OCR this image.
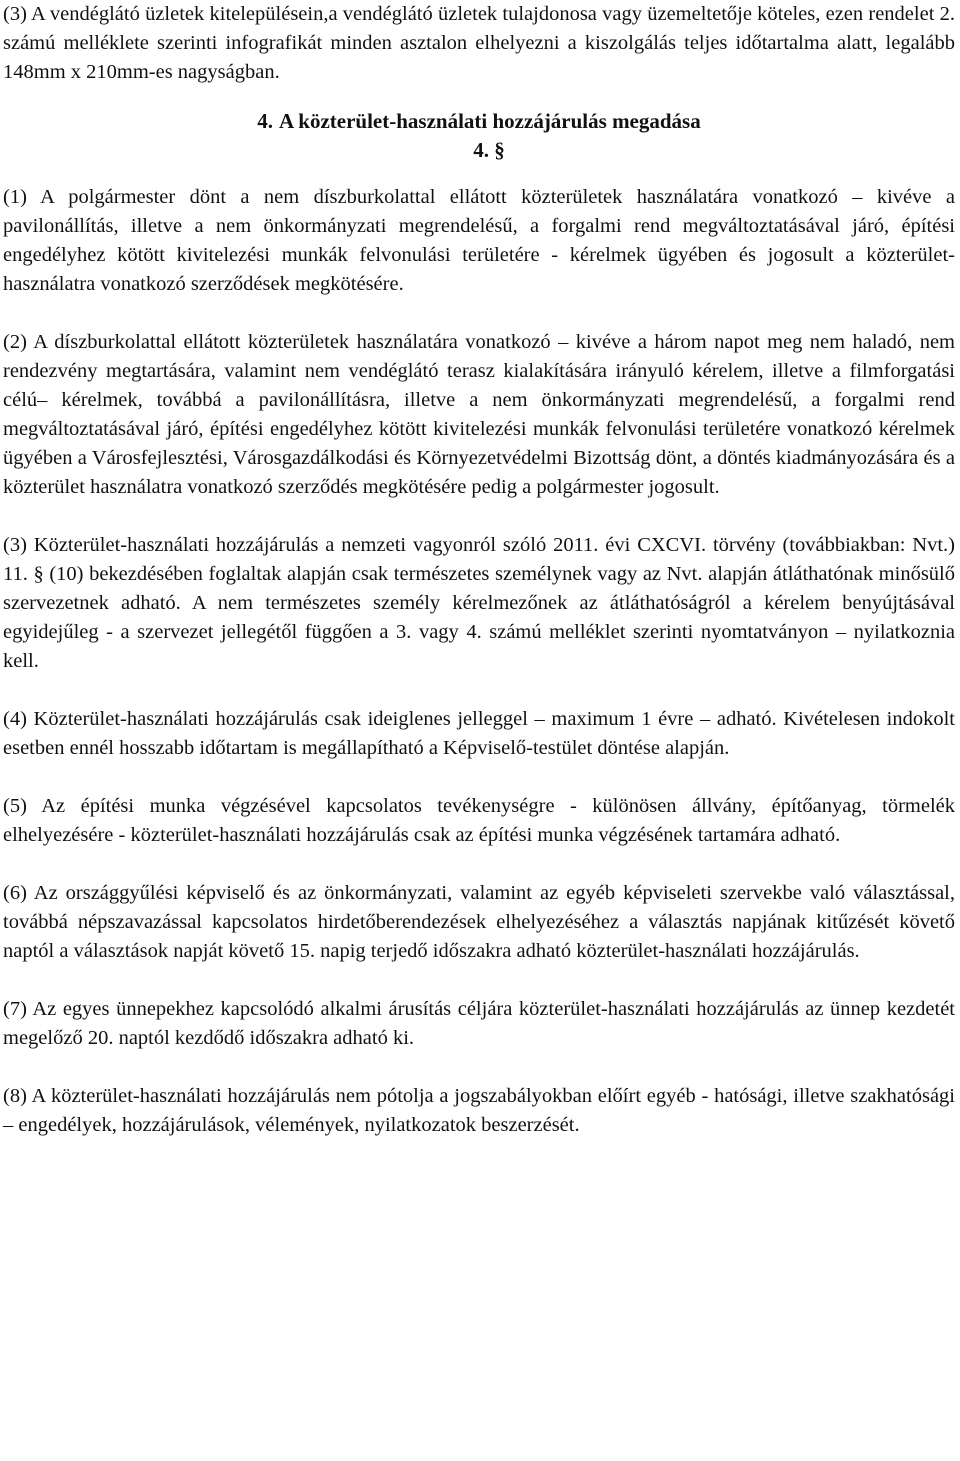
(3) A vendéglátó üzletek kitelepülésein,a vendéglátó üzletek tulajdonosa vagy üzemeltetője köteles, ezen rendelet 2. számú melléklete szerinti infografikát minden asztalon elhelyezni a kiszolgálás teljes időtartalma alatt, legalább 148mm x 210mm-es nagyságban.

4. A közterület-használati hozzájárulás megadása

4. §

(1) A polgármester dönt a nem díszburkolattal ellátott közterületek használatára vonatkozó – kivéve a pavilonállítás, illetve a nem önkormányzati megrendelésű, a forgalmi rend megváltoztatásával járó, építési engedélyhez kötött kivitelezési munkák felvonulási területére - kérelmek ügyében és jogosult a közterület-használatra vonatkozó szerződések megkötésére.

(2) A díszburkolattal ellátott közterületek használatára vonatkozó – kivéve a három napot meg nem haladó, nem rendezvény megtartására, valamint nem vendéglátó terasz kialakítására irányuló kérelem, illetve a filmforgatási célú– kérelmek, továbbá a pavilonállításra, illetve a nem önkormányzati megrendelésű, a forgalmi rend megváltoztatásával járó, építési engedélyhez kötött kivitelezési munkák felvonulási területére vonatkozó kérelmek ügyében a Városfejlesztési, Városgazdálkodási és Környezetvédelmi Bizottság dönt, a döntés kiadmányozására és a közterület használatra vonatkozó szerződés megkötésére pedig a polgármester jogosult.

(3) Közterület-használati hozzájárulás a nemzeti vagyonról szóló 2011. évi CXCVI. törvény (továbbiakban: Nvt.) 11. § (10) bekezdésében foglaltak alapján csak természetes személynek vagy az Nvt. alapján átláthatónak minősülő szervezetnek adható. A nem természetes személy kérelmezőnek az átláthatóságról a kérelem benyújtásával egyidejűleg - a szervezet jellegétől függően a 3. vagy 4. számú melléklet szerinti nyomtatványon – nyilatkoznia kell.

(4) Közterület-használati hozzájárulás csak ideiglenes jelleggel – maximum 1 évre – adható. Kivételesen indokolt esetben ennél hosszabb időtartam is megállapítható a Képviselő-testület döntése alapján.

(5) Az építési munka végzésével kapcsolatos tevékenységre - különösen állvány, építőanyag, törmelék elhelyezésére - közterület-használati hozzájárulás csak az építési munka végzésének tartamára adható.

(6) Az országgyűlési képviselő és az önkormányzati, valamint az egyéb képviseleti szervekbe való választással, továbbá népszavazással kapcsolatos hirdetőberendezések elhelyezéséhez a választás napjának kitűzését követő naptól a választások napját követő 15. napig terjedő időszakra adható közterület-használati hozzájárulás.

(7) Az egyes ünnepekhez kapcsolódó alkalmi árusítás céljára közterület-használati hozzájárulás az ünnep kezdetét megelőző 20. naptól kezdődő időszakra adható ki.

(8) A közterület-használati hozzájárulás nem pótolja a jogszabályokban előírt egyéb - hatósági, illetve szakhatósági – engedélyek, hozzájárulások, vélemények, nyilatkozatok beszerzését.
